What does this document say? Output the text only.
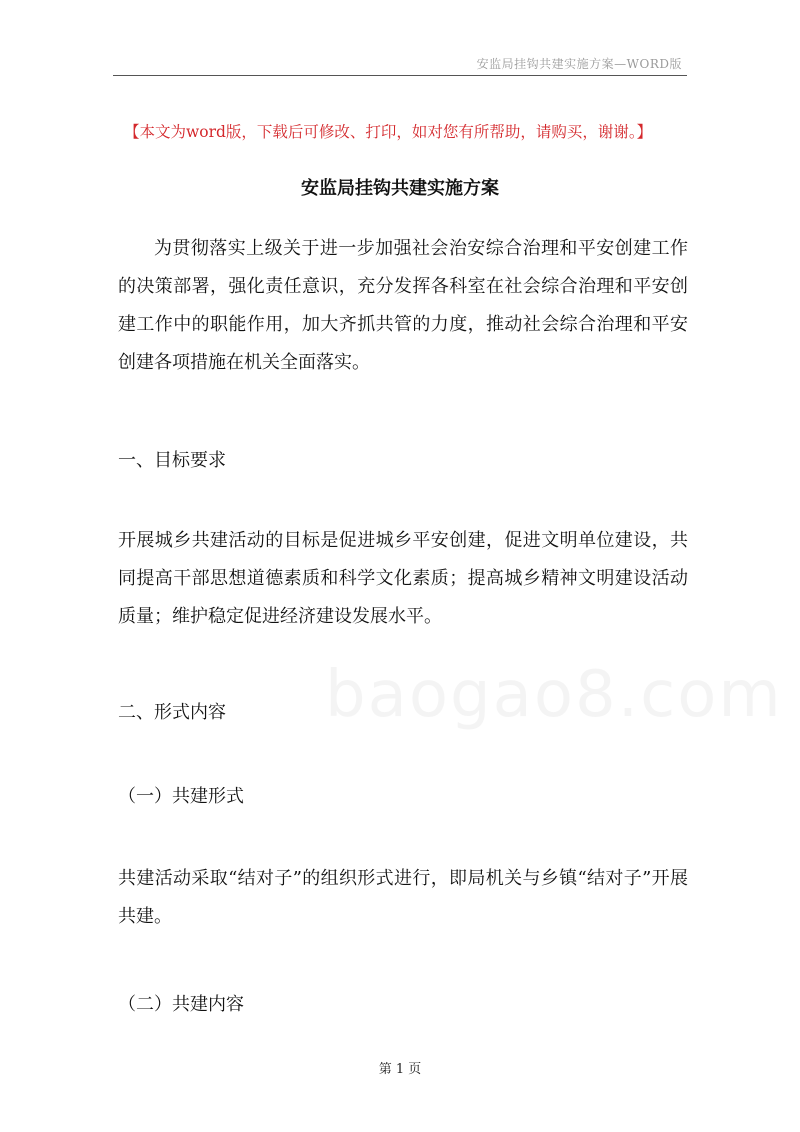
安监局挂钩共建实施方案—WORD版
【本文为word版，下载后可修改、打印，如对您有所帮助，请购买，谢谢。】
安监局挂钩共建实施方案
为贯彻落实上级关于进一步加强社会治安综合治理和平安创建工作的决策部署，强化责任意识，充分发挥各科室在社会综合治理和平安创建工作中的职能作用，加大齐抓共管的力度，推动社会综合治理和平安创建各项措施在机关全面落实。
一、目标要求
开展城乡共建活动的目标是促进城乡平安创建，促进文明单位建设，共同提高干部思想道德素质和科学文化素质；提高城乡精神文明建设活动质量；维护稳定促进经济建设发展水平。
二、形式内容
（一）共建形式
共建活动采取“结对子”的组织形式进行，即局机关与乡镇“结对子”开展共建。
（二）共建内容
第 1 页
